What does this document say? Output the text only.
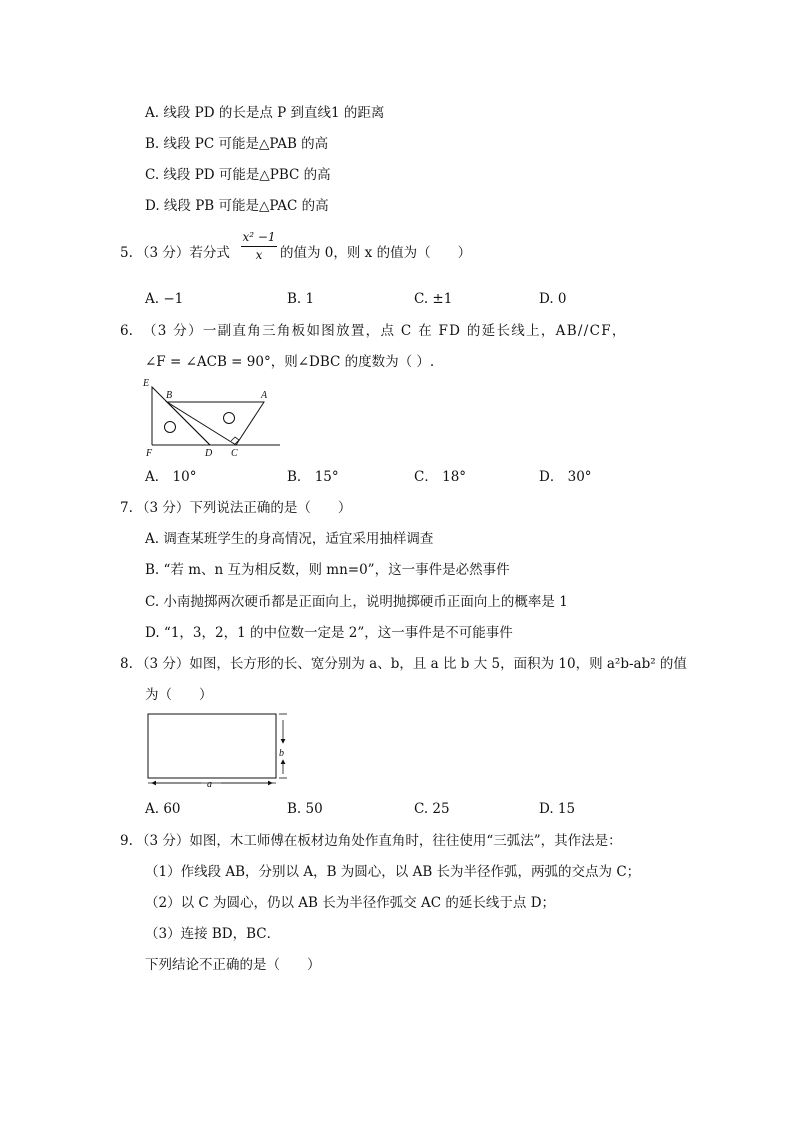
A. 线段 PD 的长是点 P 到直线1 的距离
B. 线段 PC 可能是△PAB 的高
C. 线段 PD 可能是△PBC 的高
D. 线段 PB 可能是△PAC 的高
5. （3 分）若分式
x² −1
x	的值为 0，则 x 的值为（　　）
A. −1	B. 1	C. ±1	D. 0
6. （3 分）一副直角三角板如图放置，点 C 在 FD 的延长线上，AB//CF，
∠F = ∠ACB = 90°，则∠DBC 的度数为（ ）.
E
B	A
F	D C
A． 10°	B． 15°	C． 18°	D． 30°
7. （3 分）下列说法正确的是（　　）
A. 调查某班学生的身高情况，适宜采用抽样调查
B. “若 m、n 互为相反数，则 mn=0”，这一事件是必然事件
C. 小南抛掷两次硬币都是正面向上，说明抛掷硬币正面向上的概率是 1
D. “1，3，2，1 的中位数一定是 2”，这一事件是不可能事件
8. （3 分）如图，长方形的长、宽分别为 a、b，且 a 比 b 大 5，面积为 10，则 a²b-ab² 的值
为（　　）
a
b
A. 60	B. 50	C. 25	D. 15
9. （3 分）如图，木工师傅在板材边角处作直角时，往往使用“三弧法”，其作法是：
（1）作线段 AB，分别以 A，B 为圆心，以 AB 长为半径作弧，两弧的交点为 C；
（2）以 C 为圆心，仍以 AB 长为半径作弧交 AC 的延长线于点 D；
（3）连接 BD，BC．
下列结论不正确的是（　　）
